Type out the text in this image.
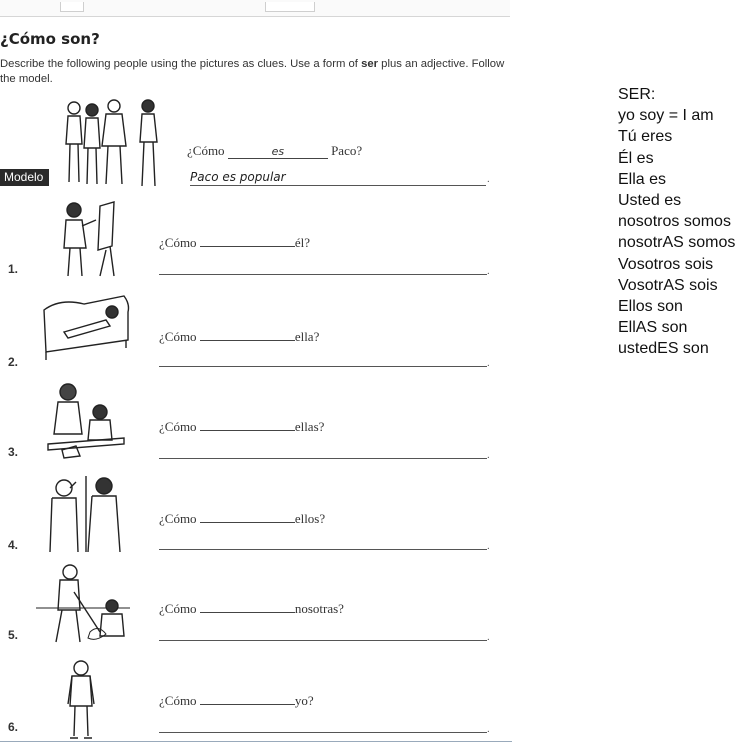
¿Cómo son?
Describe the following people using the pictures as clues. Use a form of ser plus an adjective. Follow the model.
¿Cómo	es	Paco?
Modelo	Paco es popular	.
¿Cómo	él?
1.	.
¿Cómo	ella?
2.	.
¿Cómo	ellas?
3.	.
¿Cómo	ellos?
4.	.
¿Cómo	nosotras?
5.	.
¿Cómo	yo?
6.	.
SER:
yo soy = I am
Tú eres
Él es
Ella es
Usted es
nosotros somos
nosotrAS somos
Vosotros sois
VosotrAS sois
Ellos son
EllAS son
ustedES son
